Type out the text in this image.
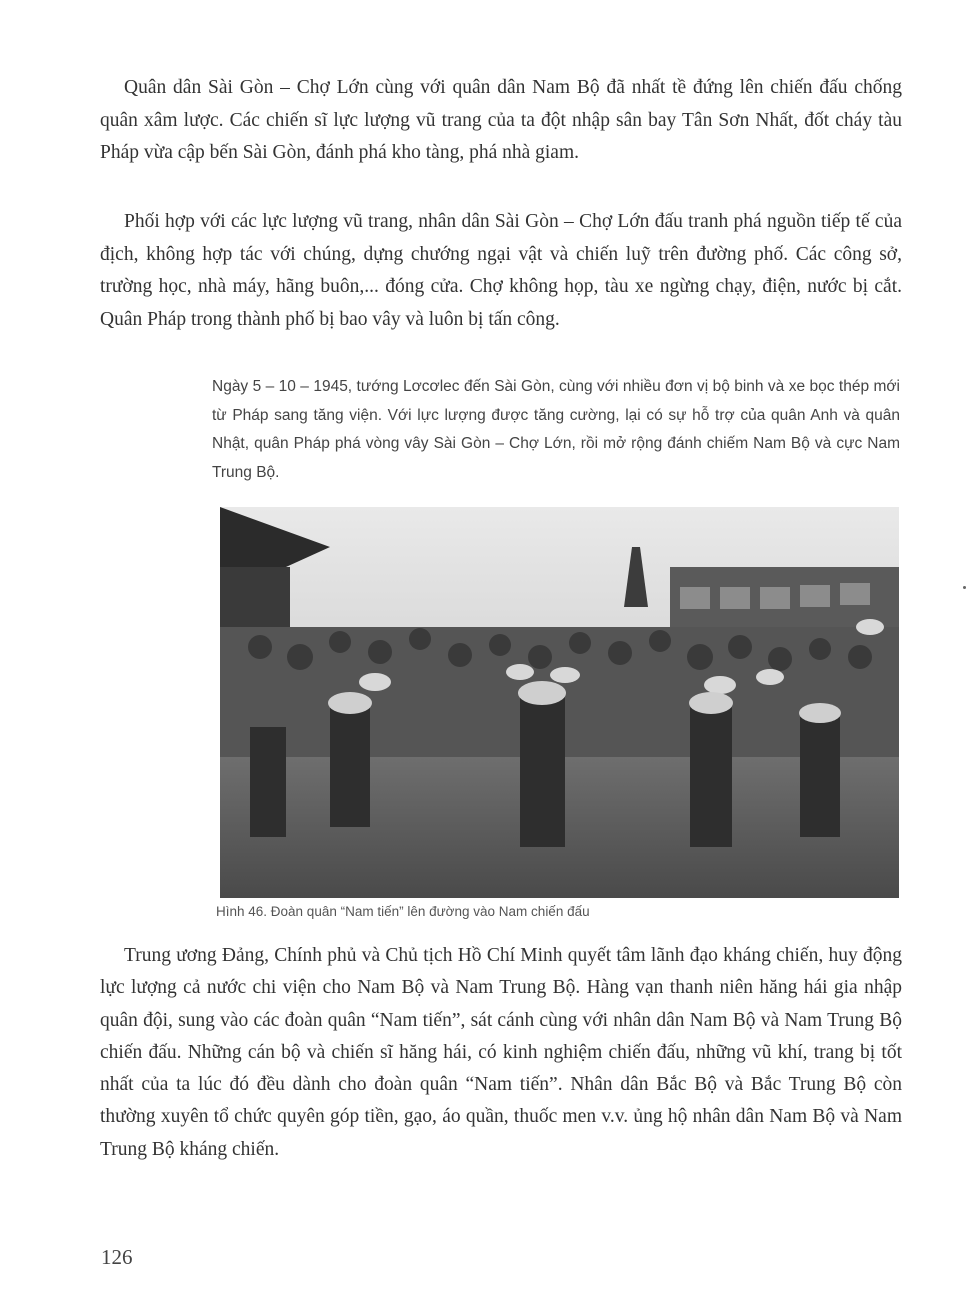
Quân dân Sài Gòn – Chợ Lớn cùng với quân dân Nam Bộ đã nhất tề đứng lên chiến đấu chống quân xâm lược. Các chiến sĩ lực lượng vũ trang của ta đột nhập sân bay Tân Sơn Nhất, đốt cháy tàu Pháp vừa cập bến Sài Gòn, đánh phá kho tàng, phá nhà giam.

Phối hợp với các lực lượng vũ trang, nhân dân Sài Gòn – Chợ Lớn đấu tranh phá nguồn tiếp tế của địch, không hợp tác với chúng, dựng chướng ngại vật và chiến luỹ trên đường phố. Các công sở, trường học, nhà máy, hãng buôn,... đóng cửa. Chợ không họp, tàu xe ngừng chạy, điện, nước bị cắt. Quân Pháp trong thành phố bị bao vây và luôn bị tấn công.

Ngày 5 – 10 – 1945, tướng Lơcơlec đến Sài Gòn, cùng với nhiều đơn vị bộ binh và xe bọc thép mới từ Pháp sang tăng viện. Với lực lượng được tăng cường, lại có sự hỗ trợ của quân Anh và quân Nhật, quân Pháp phá vòng vây Sài Gòn – Chợ Lớn, rồi mở rộng đánh chiếm Nam Bộ và cực Nam Trung Bộ.

Hình 46. Đoàn quân “Nam tiến” lên đường vào Nam chiến đấu

Trung ương Đảng, Chính phủ và Chủ tịch Hồ Chí Minh quyết tâm lãnh đạo kháng chiến, huy động lực lượng cả nước chi viện cho Nam Bộ và Nam Trung Bộ. Hàng vạn thanh niên hăng hái gia nhập quân đội, sung vào các đoàn quân “Nam tiến”, sát cánh cùng với nhân dân Nam Bộ và Nam Trung Bộ chiến đấu. Những cán bộ và chiến sĩ hăng hái, có kinh nghiệm chiến đấu, những vũ khí, trang bị tốt nhất của ta lúc đó đều dành cho đoàn quân “Nam tiến”. Nhân dân Bắc Bộ và Bắc Trung Bộ còn thường xuyên tổ chức quyên góp tiền, gạo, áo quần, thuốc men v.v. ủng hộ nhân dân Nam Bộ và Nam Trung Bộ kháng chiến.

126
